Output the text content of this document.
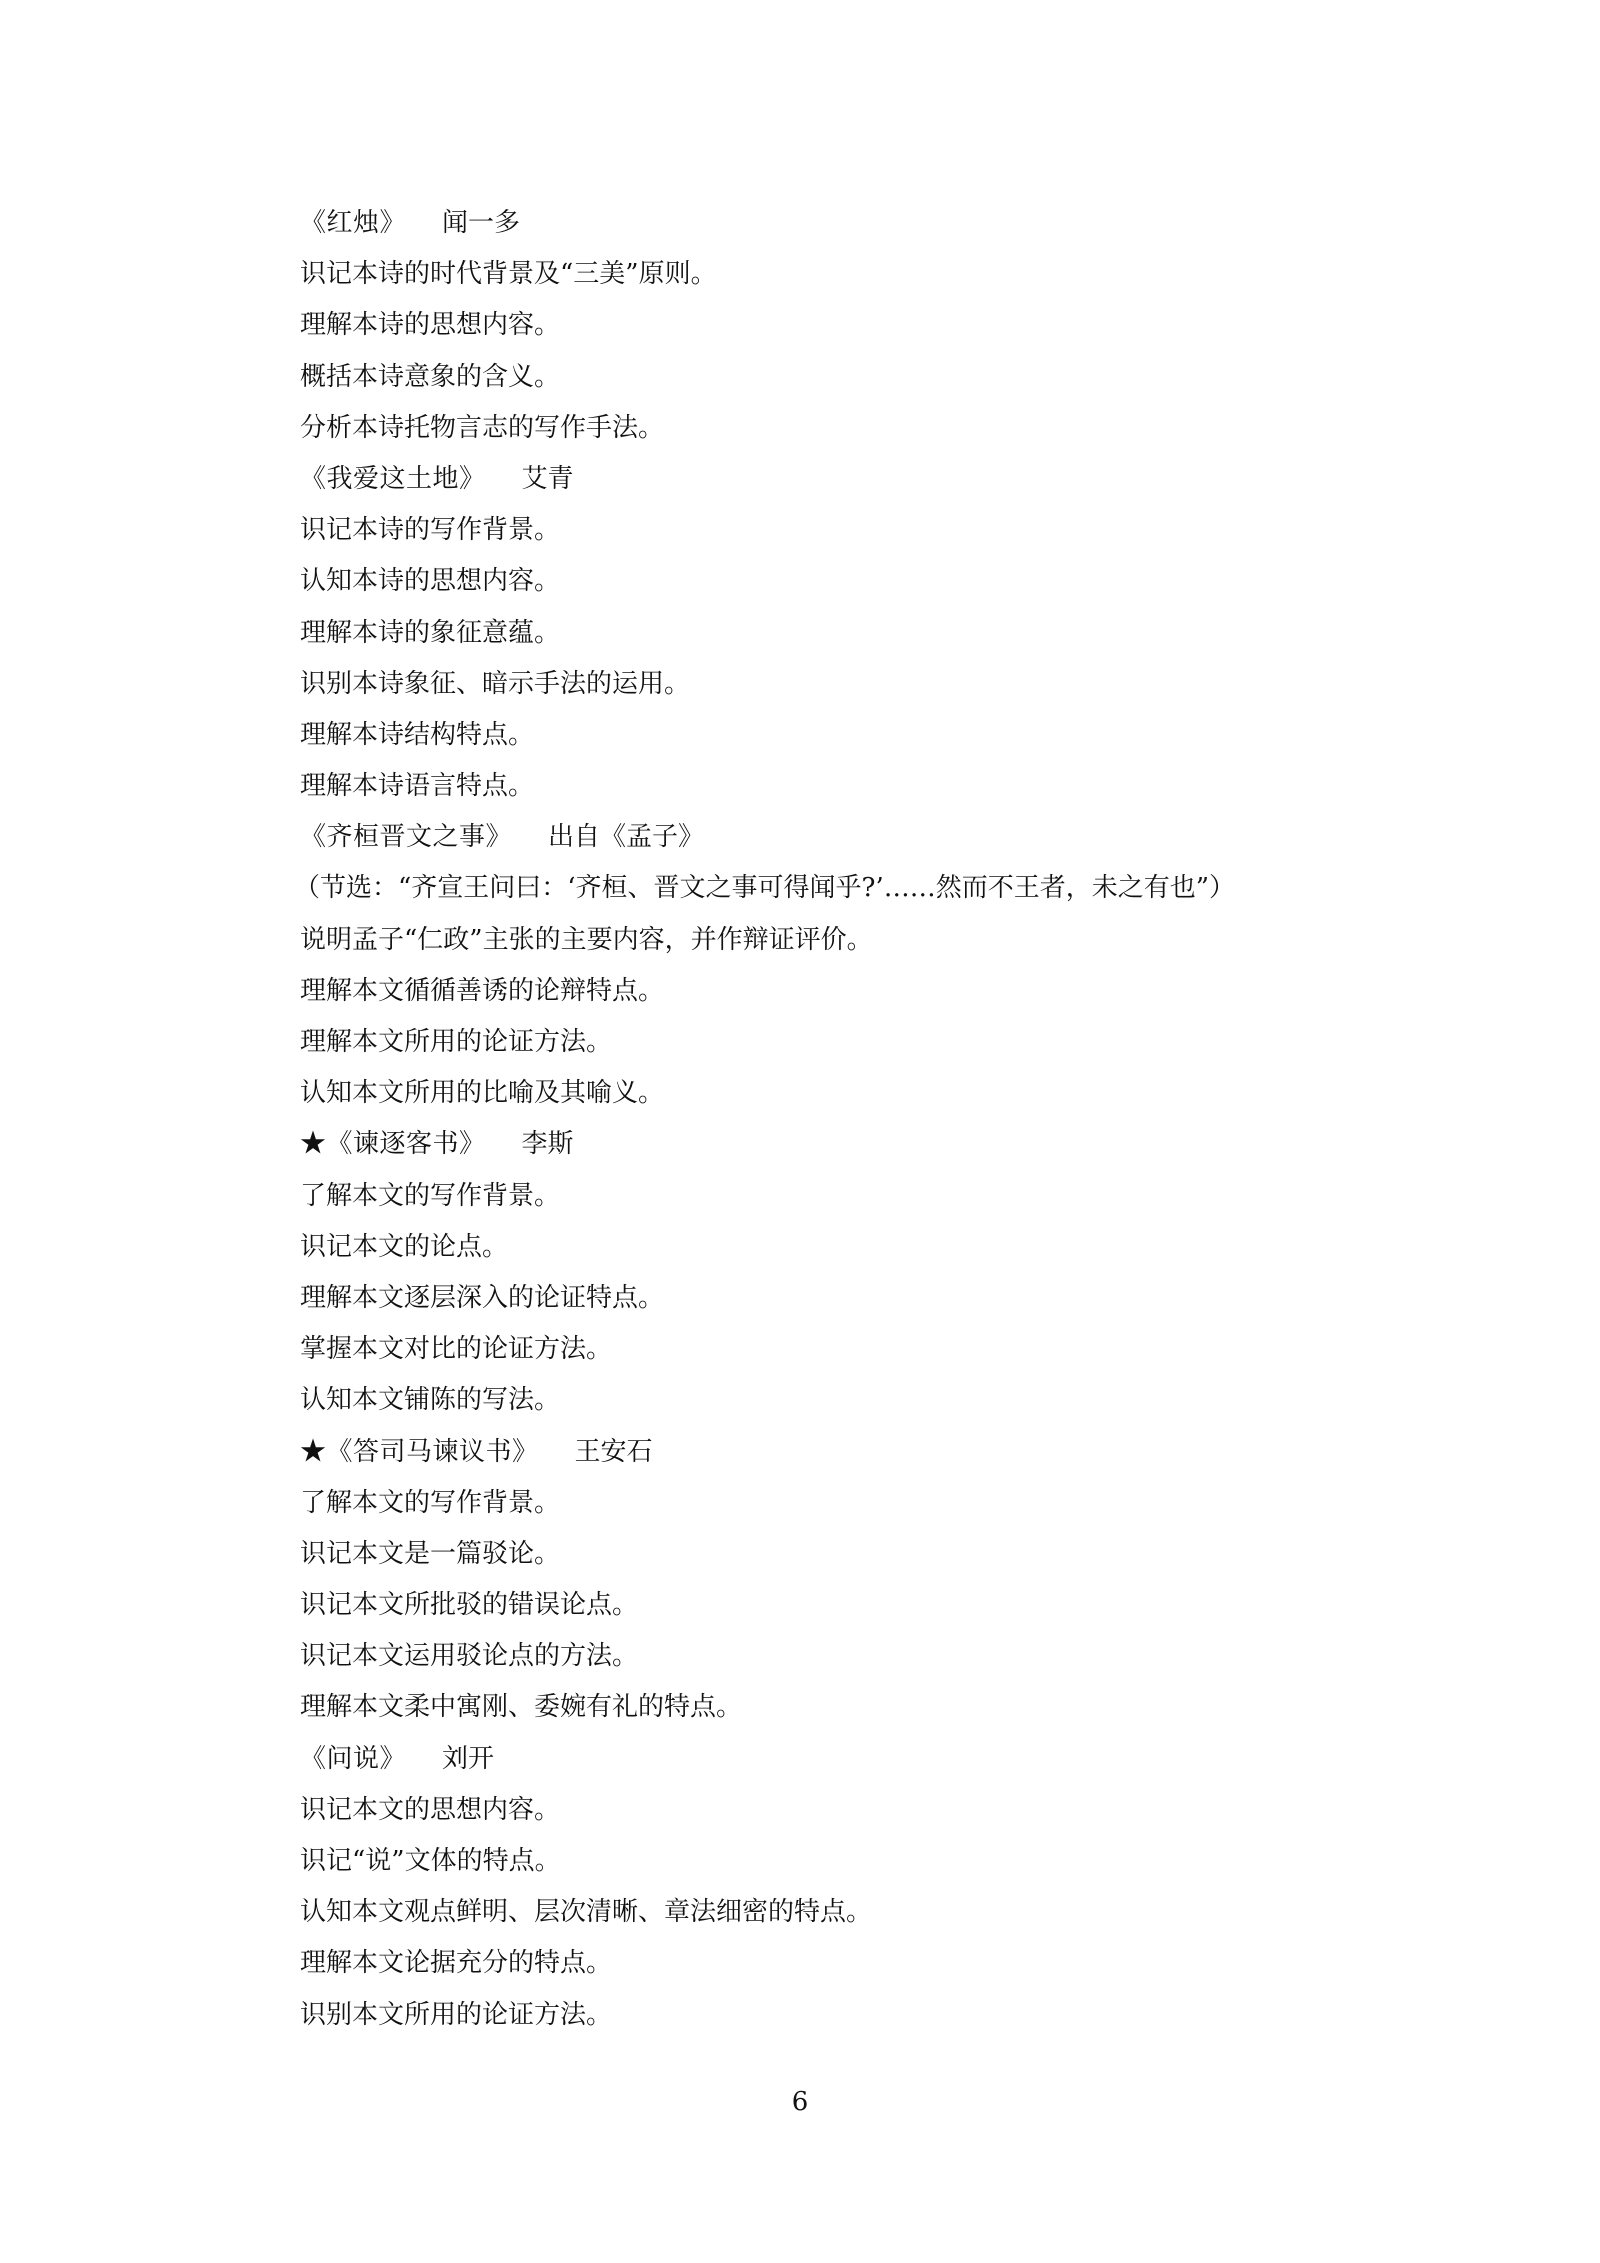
《红烛》 闻一多
识记本诗的时代背景及“三美”原则。
理解本诗的思想内容。
概括本诗意象的含义。
分析本诗托物言志的写作手法。
《我爱这土地》 艾青
识记本诗的写作背景。
认知本诗的思想内容。
理解本诗的象征意蕴。
识别本诗象征、暗示手法的运用。
理解本诗结构特点。
理解本诗语言特点。
《齐桓晋文之事》 出自《孟子》
（节选：“齐宣王问曰：‘齐桓、晋文之事可得闻乎?’……然而不王者，未之有也”）
说明孟子“仁政”主张的主要内容，并作辩证评价。
理解本文循循善诱的论辩特点。
理解本文所用的论证方法。
认知本文所用的比喻及其喻义。
★《谏逐客书》 李斯
了解本文的写作背景。
识记本文的论点。
理解本文逐层深入的论证特点。
掌握本文对比的论证方法。
认知本文铺陈的写法。
★《答司马谏议书》 王安石
了解本文的写作背景。
识记本文是一篇驳论。
识记本文所批驳的错误论点。
识记本文运用驳论点的方法。
理解本文柔中寓刚、委婉有礼的特点。
《问说》 刘开
识记本文的思想内容。
识记“说”文体的特点。
认知本文观点鲜明、层次清晰、章法细密的特点。
理解本文论据充分的特点。
识别本文所用的论证方法。
6
